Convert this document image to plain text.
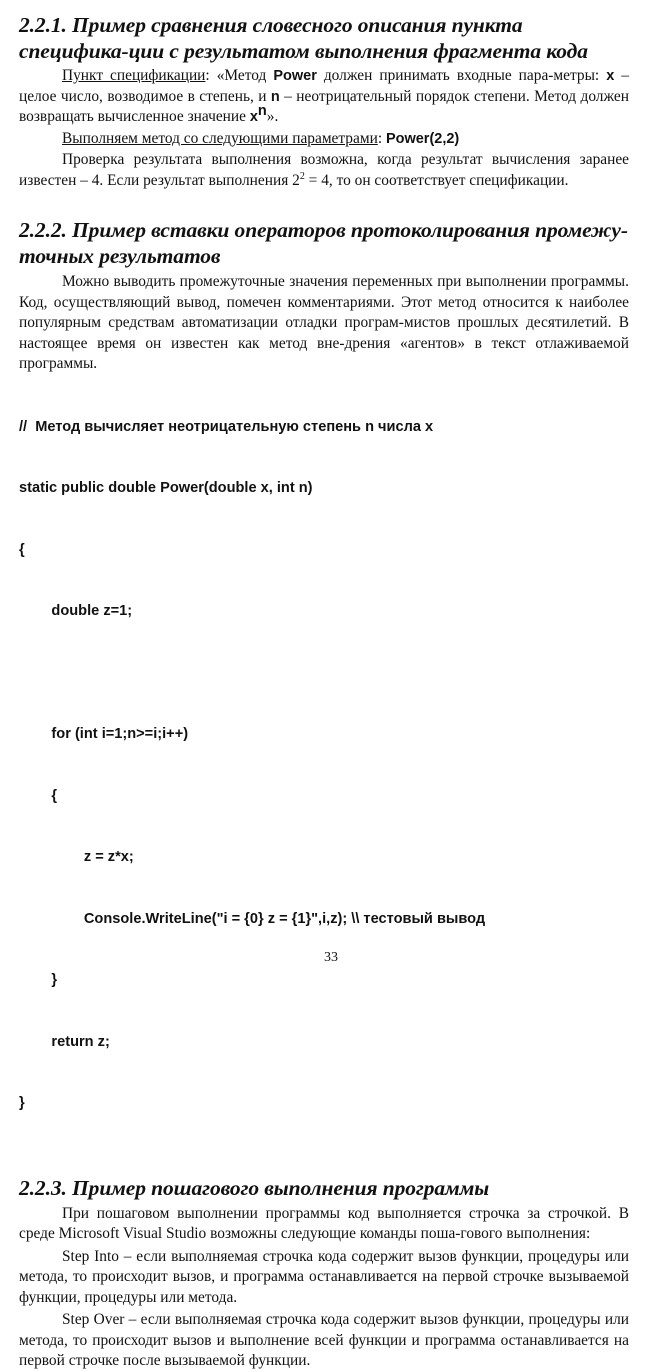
2.2.1. Пример сравнения словесного описания пункта специфика-ции с результатом выполнения фрагмента кода

Пункт спецификации: «Метод Power должен принимать входные пара-метры: x – целое число, возводимое в степень, и n – неотрицательный порядок степени. Метод должен возвращать вычисленное значение $x^n$».

Выполняем метод со следующими параметрами: Power(2,2)

Проверка результата выполнения возможна, когда результат вычисления заранее известен – 4. Если результат выполнения $2^2 = 4$, то он соответствует спецификации.

2.2.2. Пример вставки операторов протоколирования промежу-точных результатов

Можно выводить промежуточные значения переменных при выполнении программы. Код, осуществляющий вывод, помечен комментариями. Этот метод относится к наиболее популярным средствам автоматизации отладки програм-мистов прошлых десятилетий. В настоящее время он известен как метод вне-дрения «агентов» в текст отлаживаемой программы.

//  Метод вычисляет неотрицательную степень n числа x

static public double Power(double x, int n)

{

double z=1;

for (int i=1;n>=i;i++)

{

z = z*x;

Console.WriteLine("i = {0} z = {1}",i,z); \\ тестовый вывод

}

return z;

}

2.2.3. Пример пошагового выполнения программы

При пошаговом выполнении программы код выполняется строчка за строчкой. В среде Microsoft Visual Studio возможны следующие команды поша-гового выполнения:

Step Into – если выполняемая строчка кода содержит вызов функции, процедуры или метода, то происходит вызов, и программа останавливается на первой строчке вызываемой функции, процедуры или метода.

Step Over – если выполняемая строчка кода содержит вызов функции, процедуры или метода, то происходит вызов и выполнение всей функции и программа останавливается на первой строчке после вызываемой функции.

33
